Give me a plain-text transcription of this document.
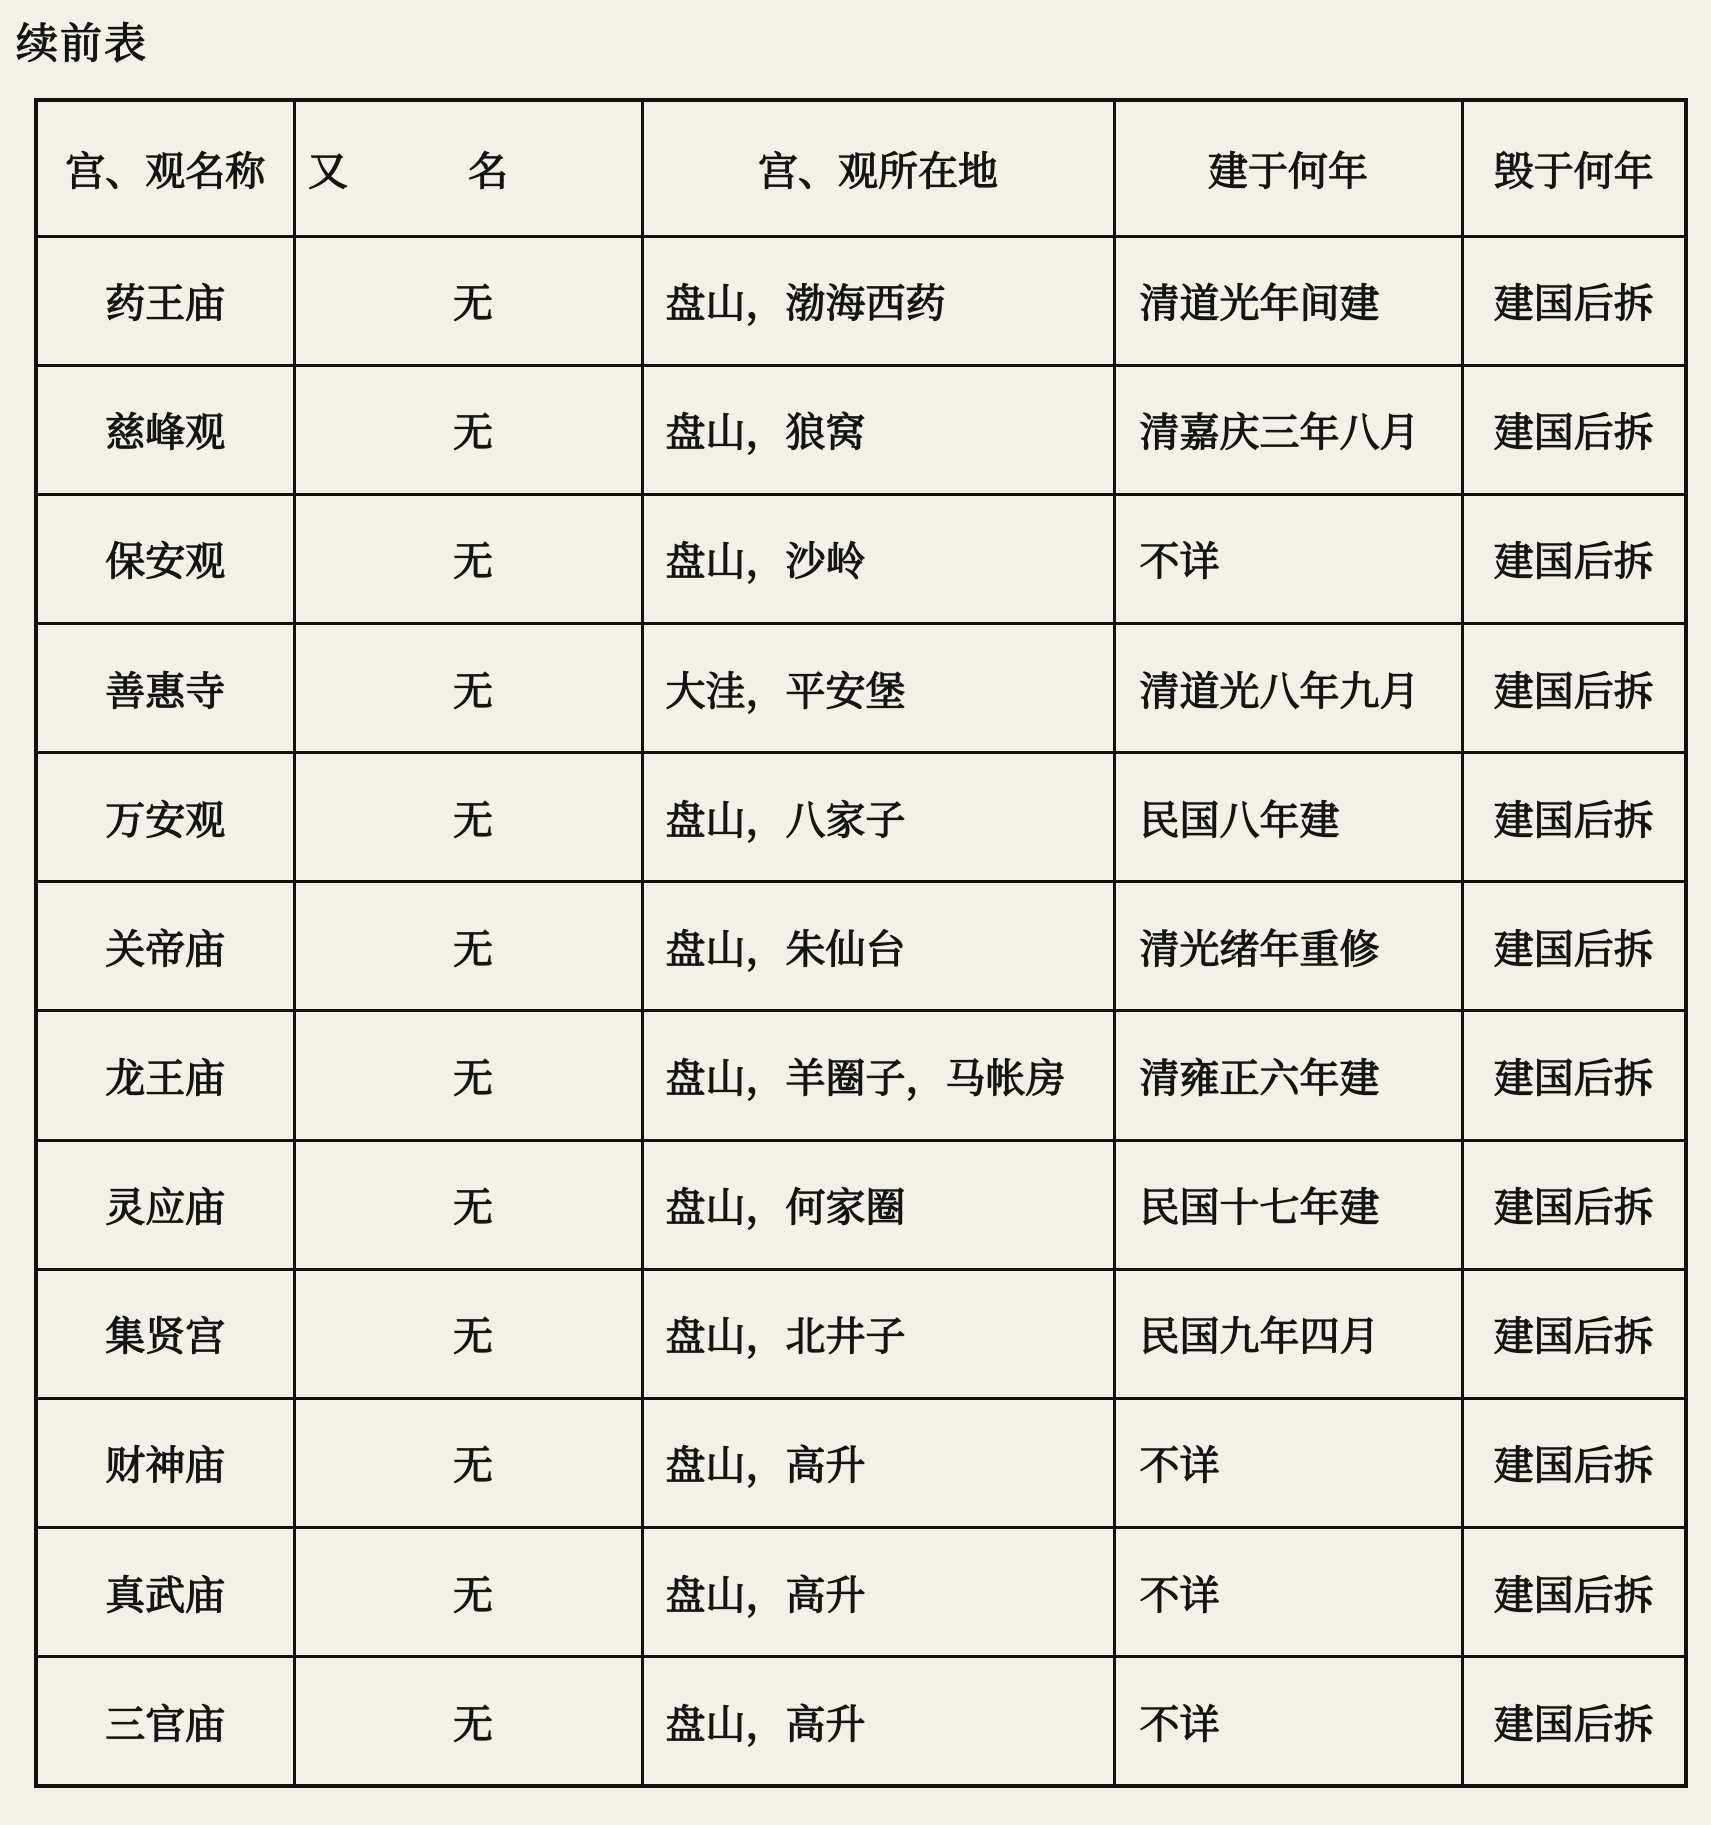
续前表
宫、观名称	又名	宫、观所在地	建于何年	毁于何年
药王庙	无	盘山，渤海西药	清道光年间建	建国后拆
慈峰观	无	盘山，狼窝	清嘉庆三年八月	建国后拆
保安观	无	盘山，沙岭	不详	建国后拆
善惠寺	无	大洼，平安堡	清道光八年九月	建国后拆
万安观	无	盘山，八家子	民国八年建	建国后拆
关帝庙	无	盘山，朱仙台	清光绪年重修	建国后拆
龙王庙	无	盘山，羊圈子，马帐房	清雍正六年建	建国后拆
灵应庙	无	盘山，何家圈	民国十七年建	建国后拆
集贤宫	无	盘山，北井子	民国九年四月	建国后拆
财神庙	无	盘山，高升	不详	建国后拆
真武庙	无	盘山，高升	不详	建国后拆
三官庙	无	盘山，高升	不详	建国后拆
